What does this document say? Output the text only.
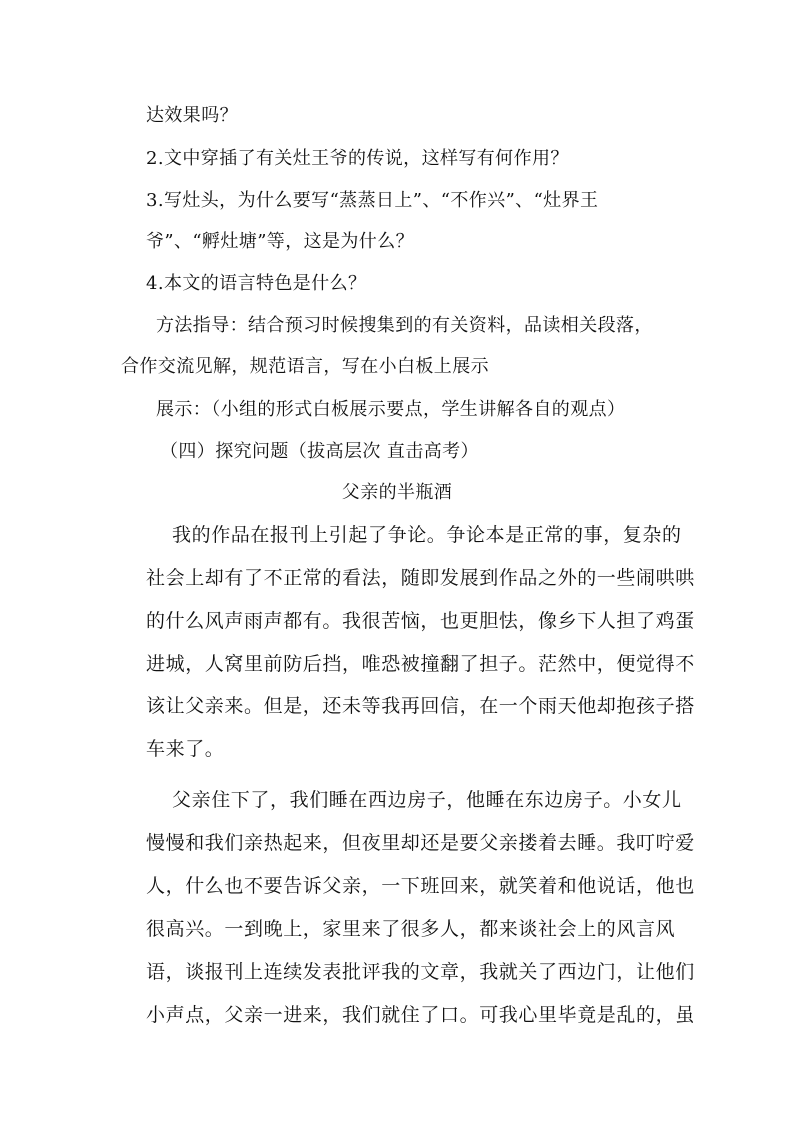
达效果吗？
2.文中穿插了有关灶王爷的传说，这样写有何作用？
3.写灶头，为什么要写“蒸蒸日上”、“不作兴”、“灶界王
爷”、“孵灶塘”等，这是为什么？
4.本文的语言特色是什么？
方法指导：结合预习时候搜集到的有关资料，品读相关段落，
合作交流见解，规范语言，写在小白板上展示
展示：（小组的形式白板展示要点，学生讲解各自的观点）
（四）探究问题（拔高层次 直击高考）
父亲的半瓶酒
我的作品在报刊上引起了争论。争论本是正常的事，复杂的
社会上却有了不正常的看法，随即发展到作品之外的一些闹哄哄
的什么风声雨声都有。我很苦恼，也更胆怯，像乡下人担了鸡蛋
进城，人窝里前防后挡，唯恐被撞翻了担子。茫然中，便觉得不
该让父亲来。但是，还未等我再回信，在一个雨天他却抱孩子搭
车来了。
父亲住下了，我们睡在西边房子，他睡在东边房子。小女儿
慢慢和我们亲热起来，但夜里却还是要父亲搂着去睡。我叮咛爱
人，什么也不要告诉父亲，一下班回来，就笑着和他说话，他也
很高兴。一到晚上，家里来了很多人，都来谈社会上的风言风
语，谈报刊上连续发表批评我的文章，我就关了西边门，让他们
小声点，父亲一进来，我们就住了口。可我心里毕竟是乱的，虽
